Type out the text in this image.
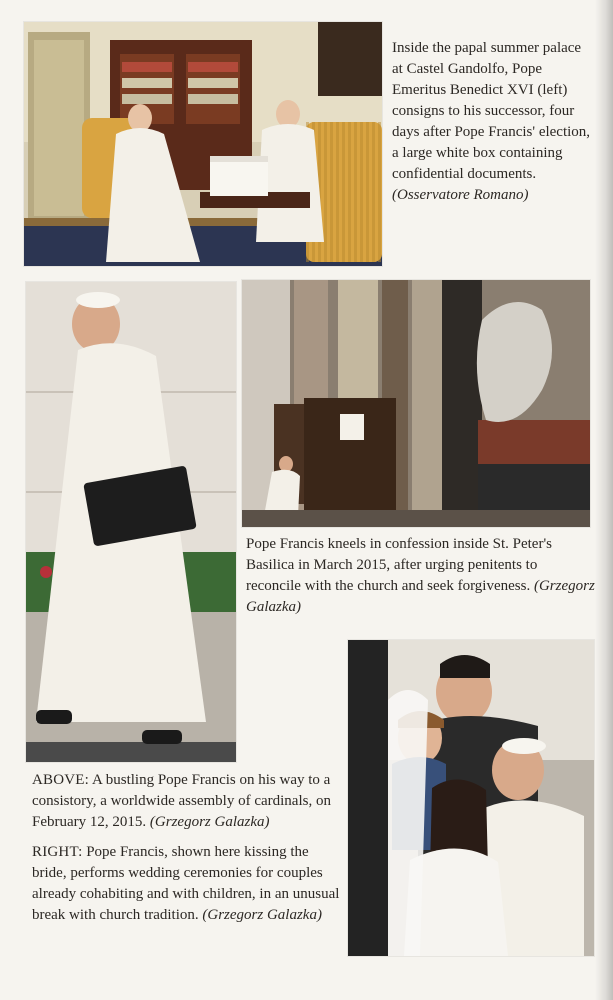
Inside the papal summer palace at Castel Gandolfo, Pope Emeritus Benedict XVI (left) consigns to his successor, four days after Pope Francis' election, a large white box containing confidential documents. (Osservatore Romano)

Pope Francis kneels in confession inside St. Peter's Basilica in March 2015, after urging penitents to reconcile with the church and seek forgiveness. (Grzegorz Galazka)

ABOVE: A bustling Pope Francis on his way to a consistory, a worldwide assembly of cardinals, on February 12, 2015. (Grzegorz Galazka)

RIGHT: Pope Francis, shown here kissing the bride, performs wedding ceremonies for couples already cohabiting and with children, in an unusual break with church tradition. (Grzegorz Galazka)
